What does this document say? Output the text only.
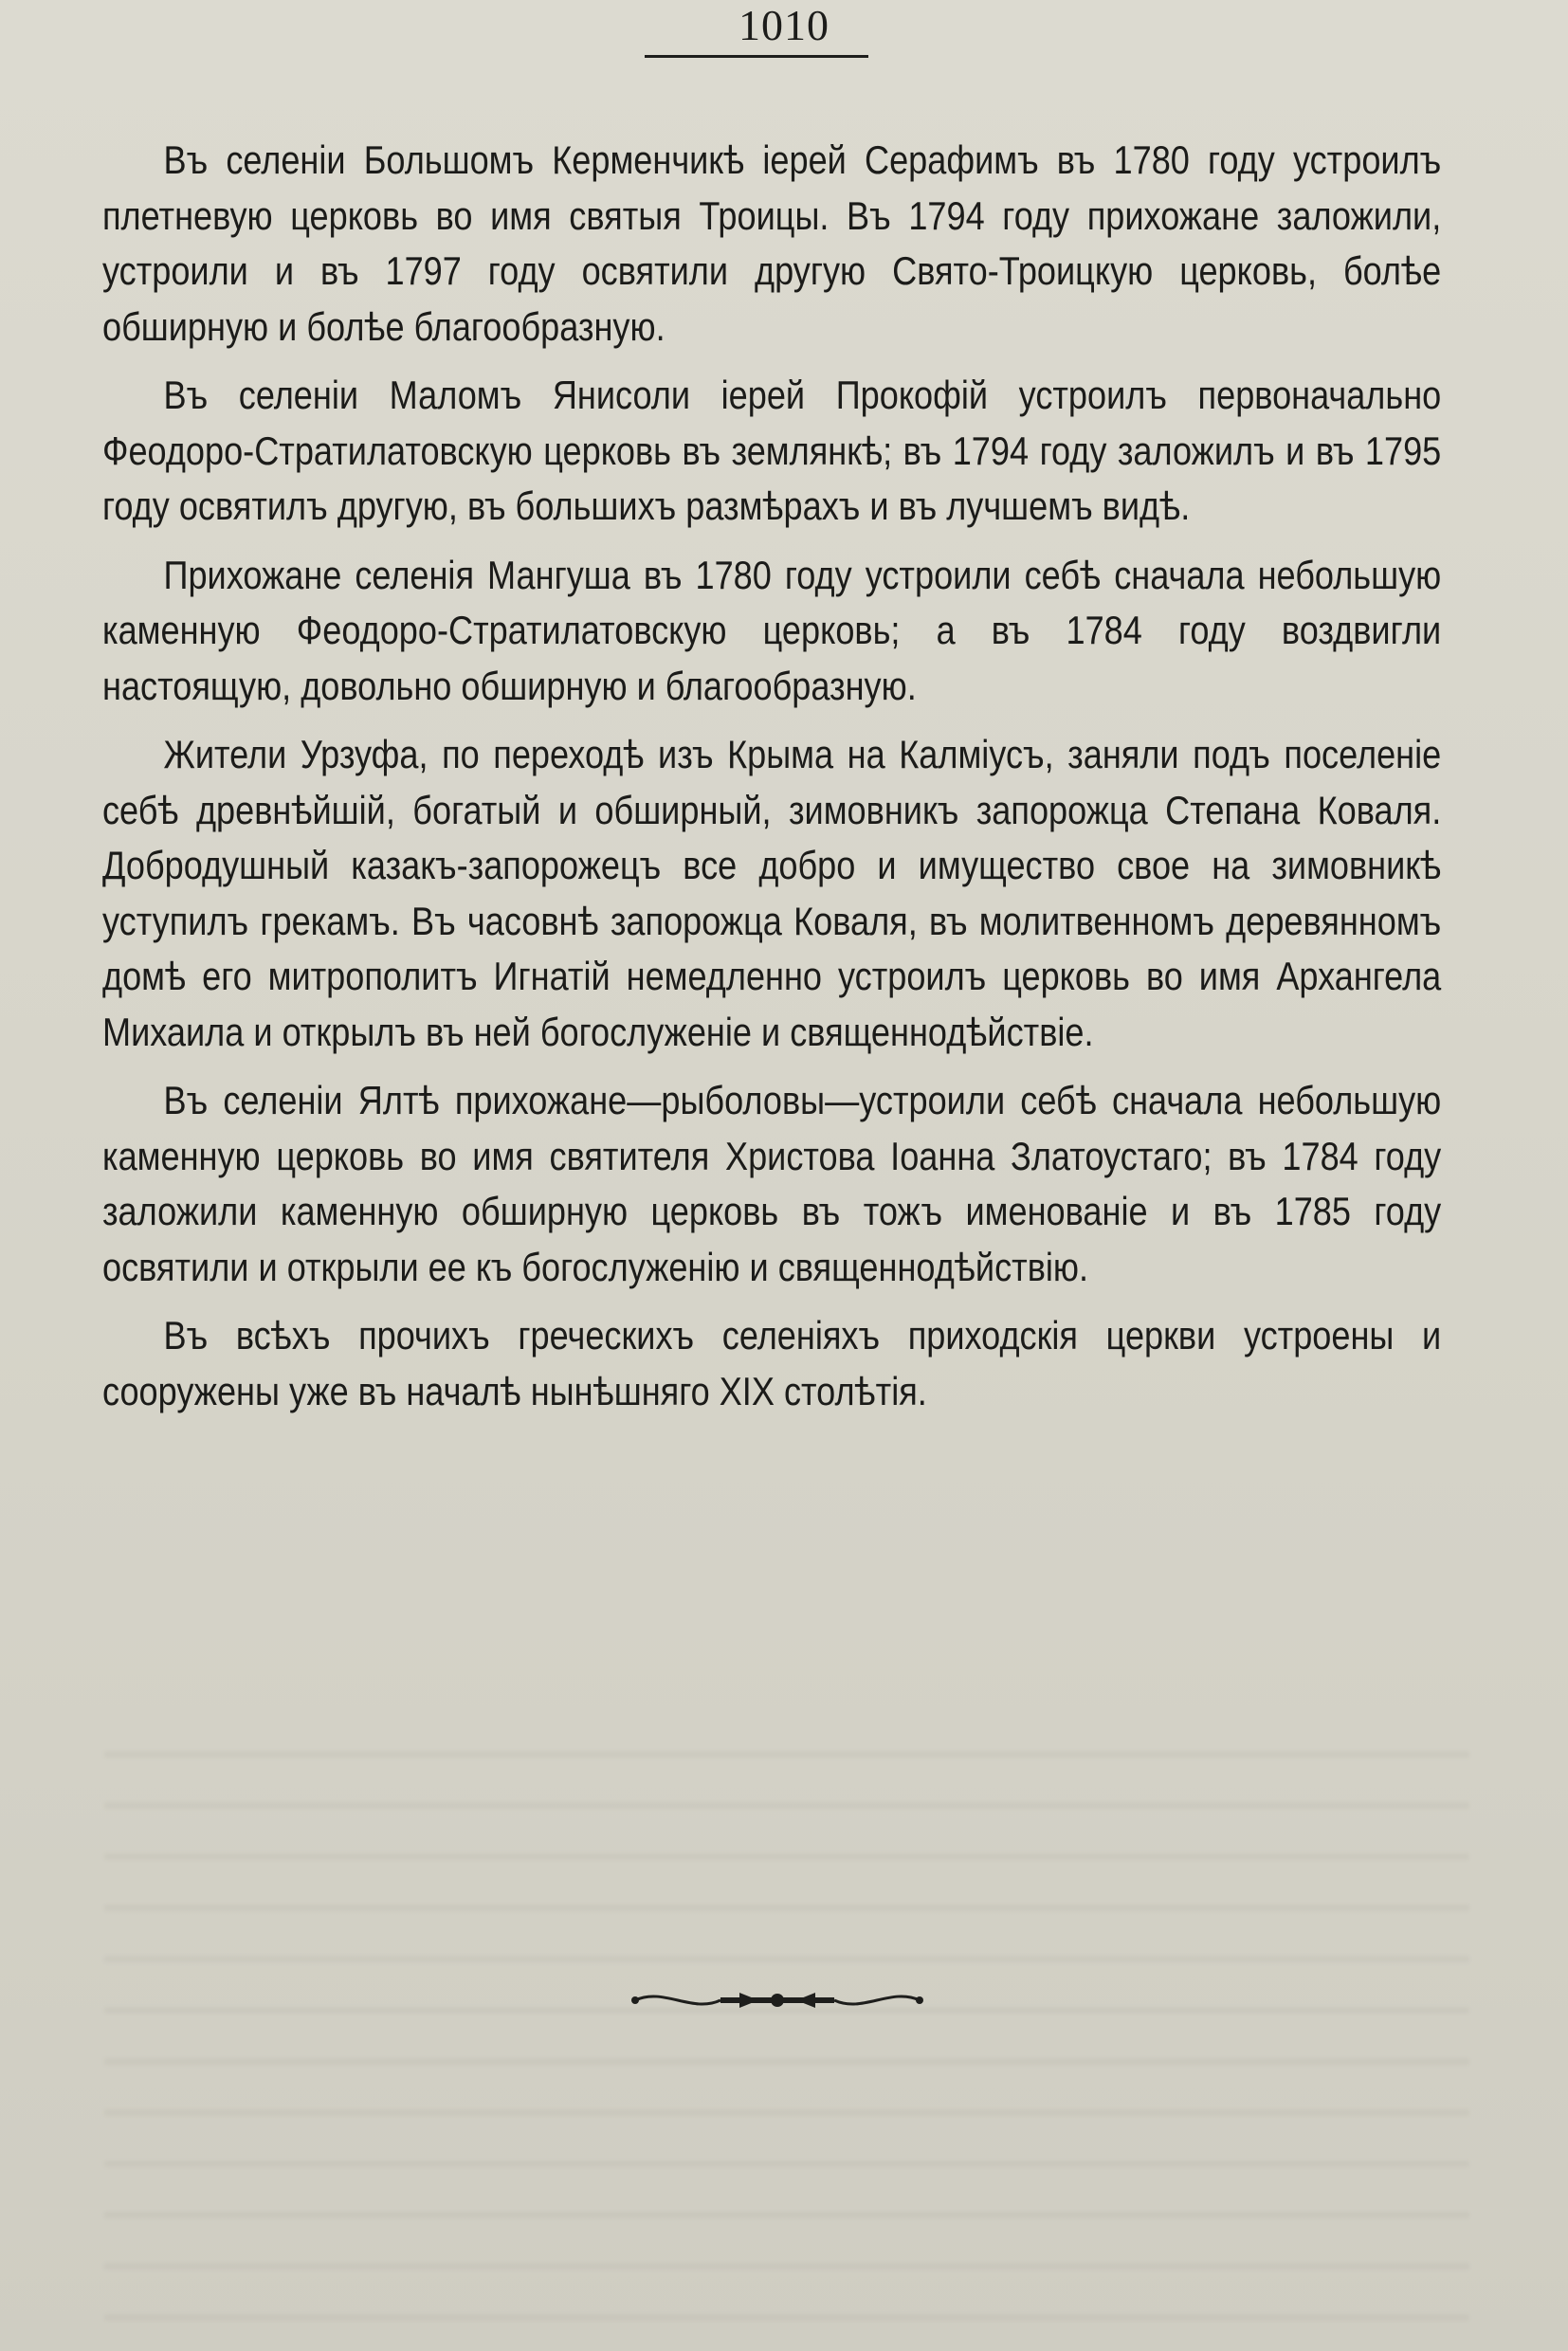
1010

Въ селеніи Большомъ Керменчикѣ іерей Серафимъ въ 1780 году устроилъ плетневую церковь во имя святыя Троицы. Въ 1794 году прихожане заложили, устроили и въ 1797 году освятили другую Свято-Троицкую церковь, болѣе обширную и болѣе благообразную.

Въ селеніи Маломъ Янисоли іерей Прокофій устроилъ первоначально Феодоро-Стратилатовскую церковь въ землянкѣ; въ 1794 году заложилъ и въ 1795 году освятилъ другую, въ большихъ размѣрахъ и въ лучшемъ видѣ.

Прихожане селенія Мангуша въ 1780 году устроили себѣ сначала небольшую каменную Феодоро-Стратилатовскую церковь; а въ 1784 году воздвигли настоящую, довольно обширную и благообразную.

Жители Урзуфа, по переходѣ изъ Крыма на Калміусъ, заняли подъ поселеніе себѣ древнѣйшій, богатый и обширный, зимовникъ запорожца Степана Коваля. Добродушный казакъ-запорожецъ все добро и имущество свое на зимовникѣ уступилъ грекамъ. Въ часовнѣ запорожца Коваля, въ молитвенномъ деревянномъ домѣ его митрополитъ Игнатій немедленно устроилъ церковь во имя Архангела Михаила и открылъ въ ней богослуженіе и священнодѣйствіе.

Въ селеніи Ялтѣ прихожане—рыболовы—устроили себѣ сначала небольшую каменную церковь во имя святителя Христова Іоанна Златоустаго; въ 1784 году заложили каменную обширную церковь въ тожъ именованіе и въ 1785 году освятили и открыли ее къ богослуженію и священнодѣйствію.

Въ всѣхъ прочихъ греческихъ селеніяхъ приходскія церкви устроены и сооружены уже въ началѣ нынѣшняго XIX столѣтія.
